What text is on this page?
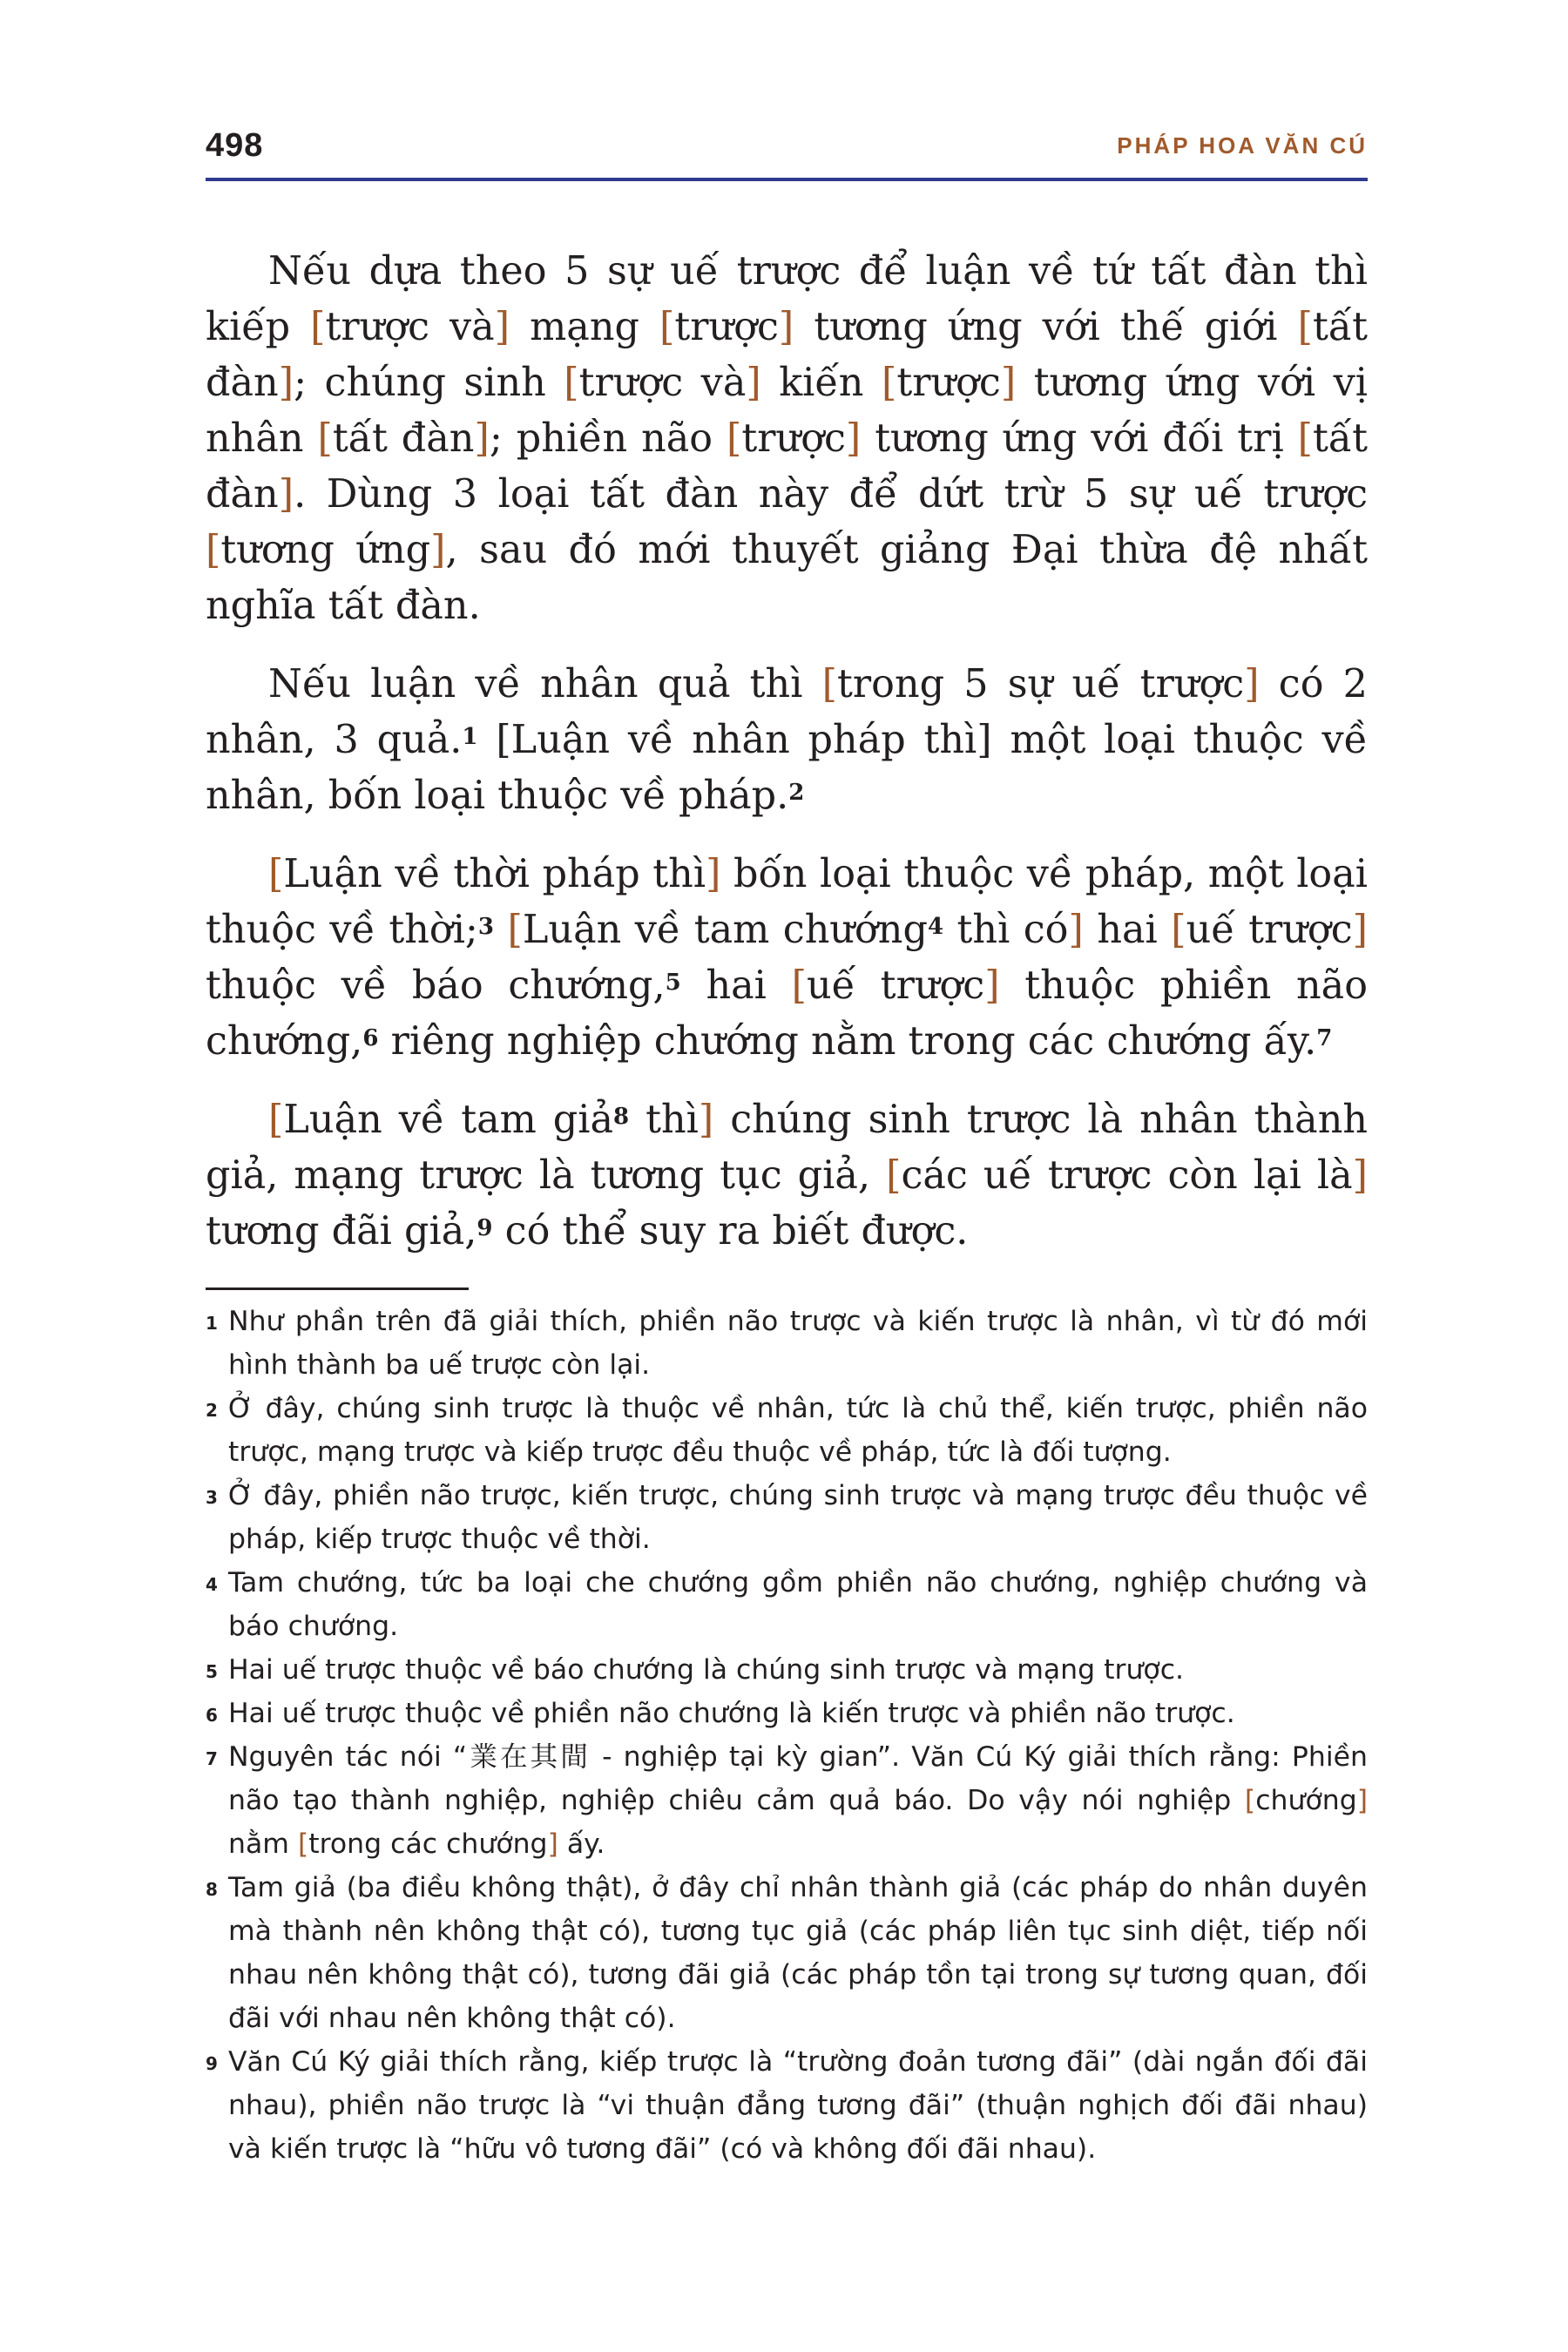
498	PHÁP HOA VĂN CÚ

Nếu dựa theo 5 sự uế trược để luận về tứ tất đàn thì kiếp [trược và] mạng [trược] tương ứng với thế giới [tất đàn]; chúng sinh [trược và] kiến [trược] tương ứng với vị nhân [tất đàn]; phiền não [trược] tương ứng với đối trị [tất đàn]. Dùng 3 loại tất đàn này để dứt trừ 5 sự uế trược [tương ứng], sau đó mới thuyết giảng Đại thừa đệ nhất nghĩa tất đàn.

Nếu luận về nhân quả thì [trong 5 sự uế trược] có 2 nhân, 3 quả.$^1$ [Luận về nhân pháp thì] một loại thuộc về nhân, bốn loại thuộc về pháp.$^2$

[Luận về thời pháp thì] bốn loại thuộc về pháp, một loại thuộc về thời;$^3$ [Luận về tam chướng$^4$ thì có] hai [uế trược] thuộc về báo chướng,$^5$ hai [uế trược] thuộc phiền não chướng,$^6$ riêng nghiệp chướng nằm trong các chướng ấy.$^7$

[Luận về tam giả$^8$ thì] chúng sinh trược là nhân thành giả, mạng trược là tương tục giả, [các uế trược còn lại là] tương đãi giả,$^9$ có thể suy ra biết được.

1 Như phần trên đã giải thích, phiền não trược và kiến trược là nhân, vì từ đó mới hình thành ba uế trược còn lại.

2 Ở đây, chúng sinh trược là thuộc về nhân, tức là chủ thể, kiến trược, phiền não trược, mạng trược và kiếp trược đều thuộc về pháp, tức là đối tượng.

3 Ở đây, phiền não trược, kiến trược, chúng sinh trược và mạng trược đều thuộc về pháp, kiếp trược thuộc về thời.

4 Tam chướng, tức ba loại che chướng gồm phiền não chướng, nghiệp chướng và báo chướng.

5 Hai uế trược thuộc về báo chướng là chúng sinh trược và mạng trược.

6 Hai uế trược thuộc về phiền não chướng là kiến trược và phiền não trược.

7 Nguyên tác nói “業在其間 - nghiệp tại kỳ gian”. Văn Cú Ký giải thích rằng: Phiền não tạo thành nghiệp, nghiệp chiêu cảm quả báo. Do vậy nói nghiệp [chướng] nằm [trong các chướng] ấy.

8 Tam giả (ba điều không thật), ở đây chỉ nhân thành giả (các pháp do nhân duyên mà thành nên không thật có), tương tục giả (các pháp liên tục sinh diệt, tiếp nối nhau nên không thật có), tương đãi giả (các pháp tồn tại trong sự tương quan, đối đãi với nhau nên không thật có).

9 Văn Cú Ký giải thích rằng, kiếp trược là “trường đoản tương đãi” (dài ngắn đối đãi nhau), phiền não trược là “vi thuận đẳng tương đãi” (thuận nghịch đối đãi nhau) và kiến trược là “hữu vô tương đãi” (có và không đối đãi nhau).
